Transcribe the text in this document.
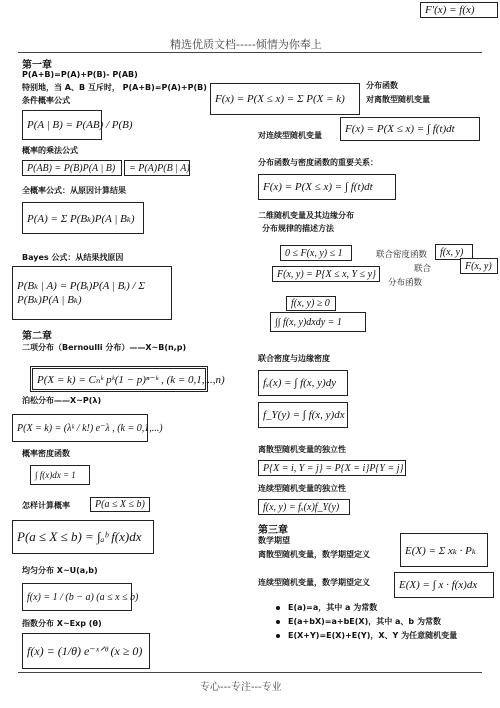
F′(x) = f(x)
精选优质文档-----倾情为你奉上
第一章
P(A+B)=P(A)+P(B)- P(AB)
特别地，当 A、B 互斥时， P(A+B)=P(A)+P(B)
条件概率公式
P(A | B) = P(AB) / P(B)
概率的乘法公式
P(AB) = P(B)P(A | B) = P(A)P(B | A)
全概率公式：从原因计算结果
P(A) = Σ P(Bₖ)P(A | Bₖ)
Bayes 公式：从结果找原因
P(Bₖ | A) = P(Bᵢ)P(A | Bᵢ) / Σ P(Bₖ)P(A | Bₖ)
第二章
二项分布（Bernoulli 分布）——X~B(n,p)
P(X = k) = Cₙᵏ pᵏ(1 − p)ⁿ⁻ᵏ , (k = 0,1,...,n)
泊松分布——X~P(λ)
P(X = k) = (λᵏ / k!) e⁻λ , (k = 0,1,...)
概率密度函数
∫ f(x)dx = 1
怎样计算概率	P(a ≤ X ≤ b)
P(a ≤ X ≤ b) = ∫ₐᵇ f(x)dx
均匀分布 X~U(a,b)
f(x) = 1 / (b − a) (a ≤ x ≤ b)
指数分布 X~Exp (θ)
f(x) = (1/θ) e⁻ˣᐟᶿ (x ≥ 0)
F(x) = P(X ≤ x) = Σ P(X = k)
分布函数
对离散型随机变量
对连续型随机变量
F(x) = P(X ≤ x) = ∫ f(t)dt
分布函数与密度函数的重要关系：
F(x) = P(X ≤ x) = ∫ f(t)dt
二维随机变量及其边缘分布
分布规律的描述方法
0 ≤ F(x, y) ≤ 1	联合密度函数 f(x, y)
联合	F(x, y)
F(x, y) = P{X ≤ x, Y ≤ y}
分布函数
f(x, y) ≥ 0
∫∫ f(x, y)dxdy = 1
联合密度与边缘密度
fₓ(x) = ∫ f(x, y)dy
f_Y(y) = ∫ f(x, y)dx
离散型随机变量的独立性
P{X = i, Y = j} = P{X = i}P{Y = j}
连续型随机变量的独立性
f(x, y) = fₓ(x)f_Y(y)
第三章
数学期望
离散型随机变量，数学期望定义	E(X) = Σ xₖ · Pₖ
连续型随机变量，数学期望定义	E(X) = ∫ x · f(x)dx
E(a)=a，其中 a 为常数
E(a+bX)=a+bE(X)，其中 a、b 为常数
E(X+Y)=E(X)+E(Y)，X、Y 为任意随机变量
专心---专注---专业
